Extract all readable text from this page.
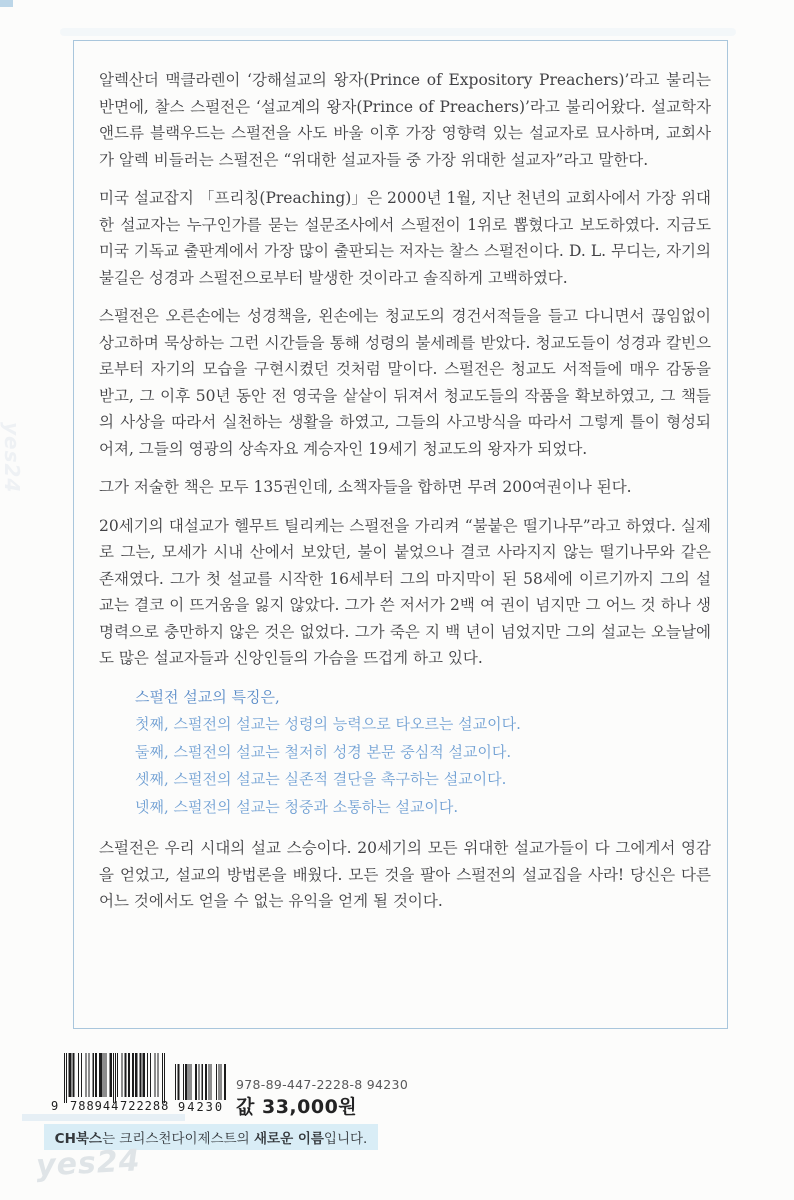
알렉산더 맥클라렌이 ‘강해설교의 왕자(Prince of Expository Preachers)’라고 불리는 반면에, 찰스 스펄전은 ‘설교계의 왕자(Prince of Preachers)’라고 불리어왔다. 설교학자 앤드류 블랙우드는 스펄전을 사도 바울 이후 가장 영향력 있는 설교자로 묘사하며, 교회사가 알렉 비들러는 스펄전은 “위대한 설교자들 중 가장 위대한 설교자”라고 말한다.

미국 설교잡지 「프리칭(Preaching)」은 2000년 1월, 지난 천년의 교회사에서 가장 위대한 설교자는 누구인가를 묻는 설문조사에서 스펄전이 1위로 뽑혔다고 보도하였다. 지금도 미국 기독교 출판계에서 가장 많이 출판되는 저자는 찰스 스펄전이다. D. L. 무디는, 자기의 불길은 성경과 스펄전으로부터 발생한 것이라고 솔직하게 고백하였다.

스펄전은 오른손에는 성경책을, 왼손에는 청교도의 경건서적들을 들고 다니면서 끊임없이 상고하며 묵상하는 그런 시간들을 통해 성령의 불세례를 받았다. 청교도들이 성경과 칼빈으로부터 자기의 모습을 구현시켰던 것처럼 말이다. 스펄전은 청교도 서적들에 매우 감동을 받고, 그 이후 50년 동안 전 영국을 샅샅이 뒤져서 청교도들의 작품을 확보하였고, 그 책들의 사상을 따라서 실천하는 생활을 하였고, 그들의 사고방식을 따라서 그렇게 틀이 형성되어져, 그들의 영광의 상속자요 계승자인 19세기 청교도의 왕자가 되었다.

그가 저술한 책은 모두 135권인데, 소책자들을 합하면 무려 200여권이나 된다.

20세기의 대설교가 헬무트 틸리케는 스펄전을 가리켜 “불붙은 떨기나무”라고 하였다. 실제로 그는, 모세가 시내 산에서 보았던, 불이 붙었으나 결코 사라지지 않는 떨기나무와 같은 존재였다. 그가 첫 설교를 시작한 16세부터 그의 마지막이 된 58세에 이르기까지 그의 설교는 결코 이 뜨거움을 잃지 않았다. 그가 쓴 저서가 2백 여 권이 넘지만 그 어느 것 하나 생명력으로 충만하지 않은 것은 없었다. 그가 죽은 지 백 년이 넘었지만 그의 설교는 오늘날에도 많은 설교자들과 신앙인들의 가슴을 뜨겁게 하고 있다.

스펄전 설교의 특징은,
첫째, 스펄전의 설교는 성령의 능력으로 타오르는 설교이다.
둘째, 스펄전의 설교는 철저히 성경 본문 중심적 설교이다.
셋째, 스펄전의 설교는 실존적 결단을 촉구하는 설교이다.
넷째, 스펄전의 설교는 청중과 소통하는 설교이다.

스펄전은 우리 시대의 설교 스승이다. 20세기의 모든 위대한 설교가들이 다 그에게서 영감을 얻었고, 설교의 방법론을 배웠다. 모든 것을 팔아 스펄전의 설교집을 사라! 당신은 다른 어느 것에서도 얻을 수 없는 유익을 얻게 될 것이다.

9 788944 722288 94230
978-89-447-2228-8 94230
값 33,000원
CH북스 는 크리스천다이제스트의 새로운 이름 입니다.
yes24
yes24
